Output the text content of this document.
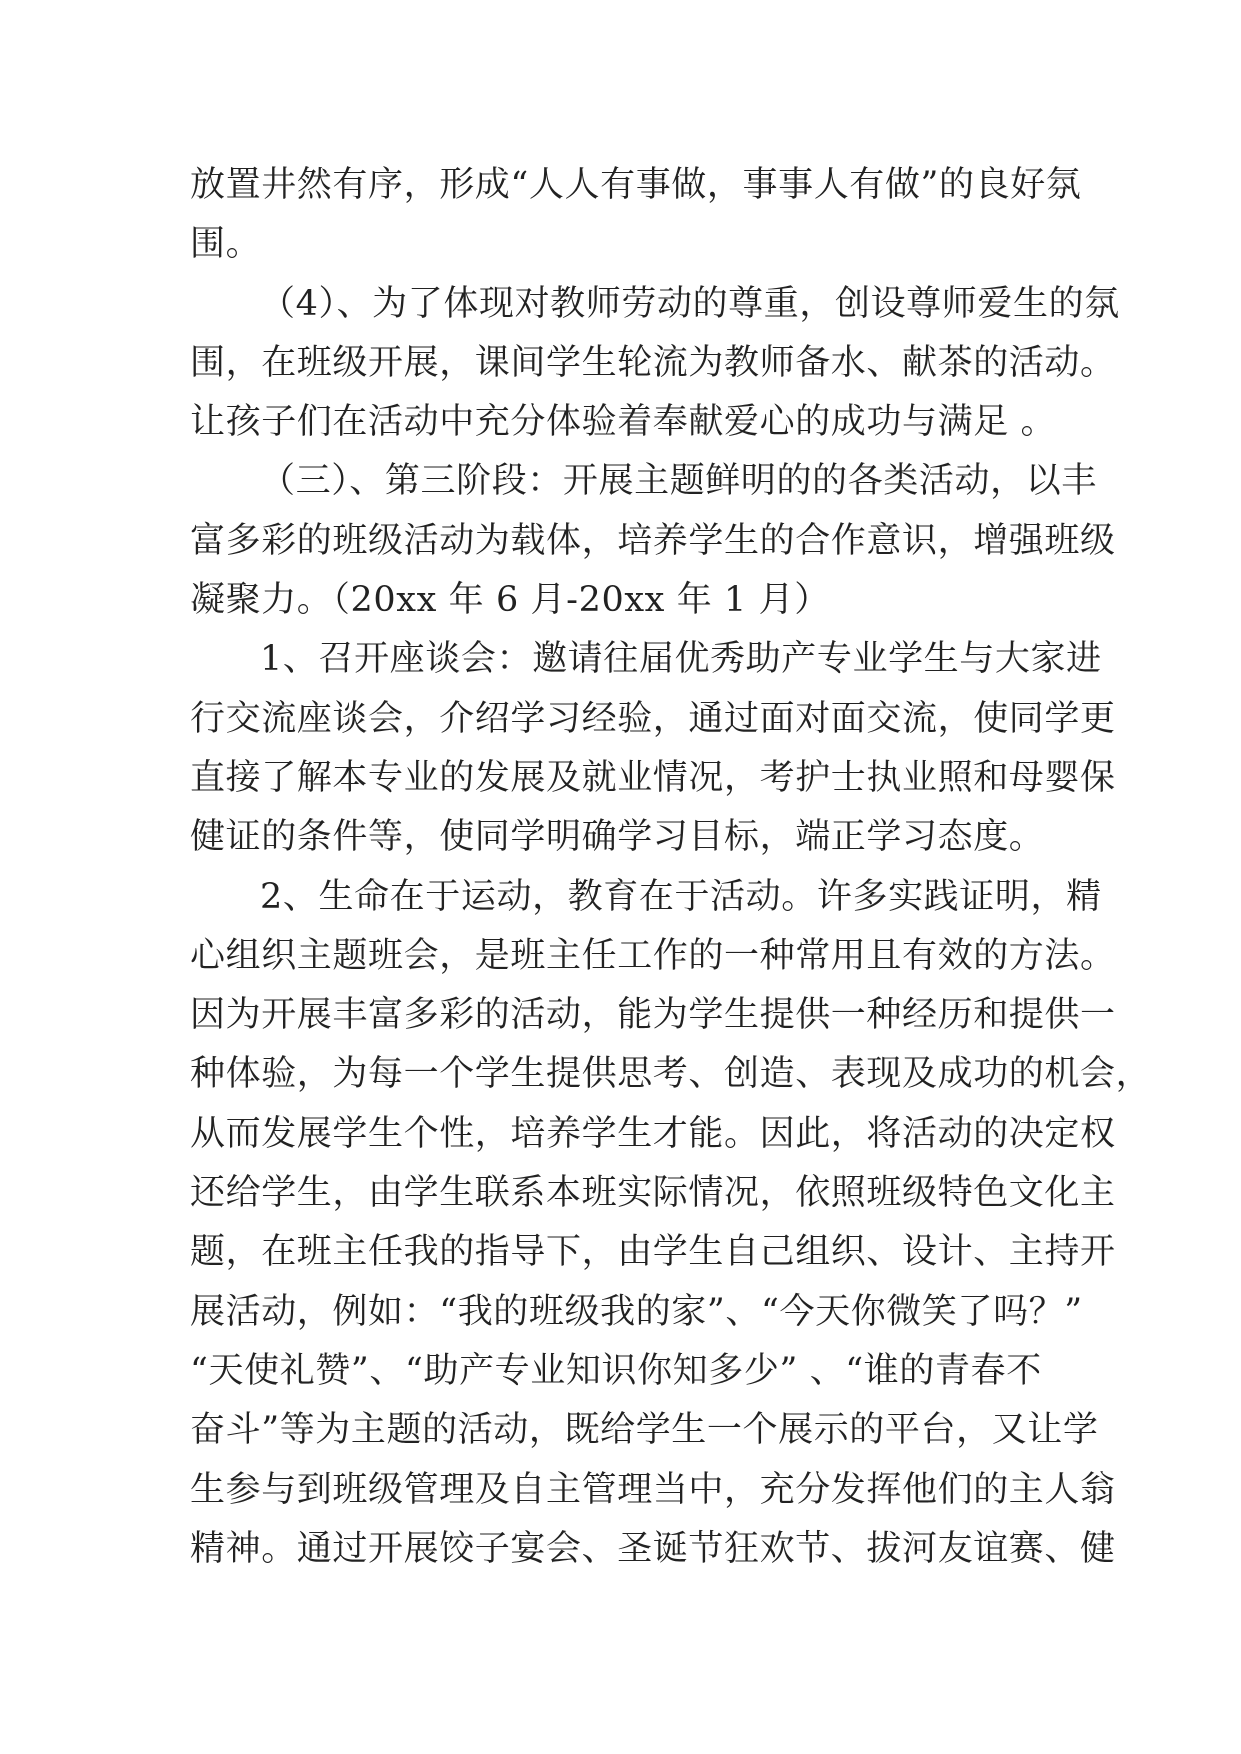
放置井然有序，形成“人人有事做，事事人有做”的良好氛
围。
（4）、为了体现对教师劳动的尊重，创设尊师爱生的氛
围，在班级开展，课间学生轮流为教师备水、献茶的活动。
让孩子们在活动中充分体验着奉献爱心的成功与满足 。
（三）、第三阶段：开展主题鲜明的的各类活动，以丰
富多彩的班级活动为载体，培养学生的合作意识，增强班级
凝聚力。（20xx 年 6 月-20xx 年 1 月）
1、召开座谈会：邀请往届优秀助产专业学生与大家进
行交流座谈会，介绍学习经验，通过面对面交流，使同学更
直接了解本专业的发展及就业情况，考护士执业照和母婴保
健证的条件等，使同学明确学习目标，端正学习态度。
2、生命在于运动，教育在于活动。许多实践证明，精
心组织主题班会，是班主任工作的一种常用且有效的方法。
因为开展丰富多彩的活动，能为学生提供一种经历和提供一
种体验，为每一个学生提供思考、创造、表现及成功的机会，
从而发展学生个性，培养学生才能。因此，将活动的决定权
还给学生，由学生联系本班实际情况，依照班级特色文化主
题，在班主任我的指导下，由学生自己组织、设计、主持开
展活动，例如：“我的班级我的家”、“今天你微笑了吗？”
“天使礼赞”、“助产专业知识你知多少” 、“谁的青春不
奋斗”等为主题的活动，既给学生一个展示的平台，又让学
生参与到班级管理及自主管理当中，充分发挥他们的主人翁
精神。通过开展饺子宴会、圣诞节狂欢节、拔河友谊赛、健
